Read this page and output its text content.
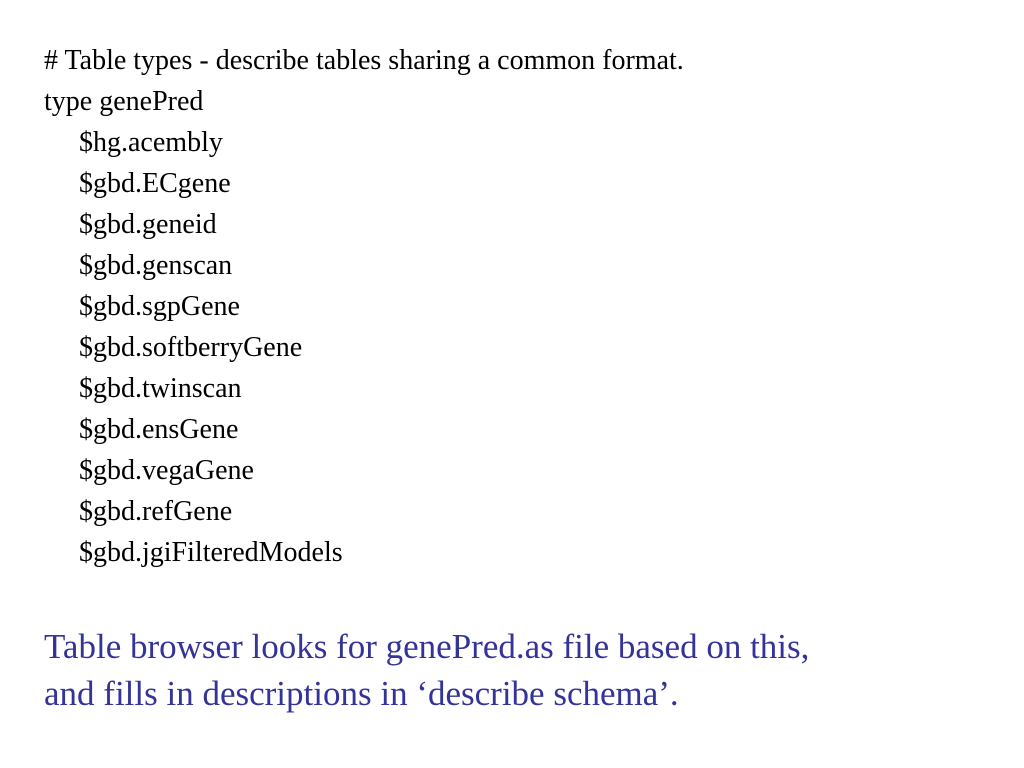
# Table types - describe tables sharing a common format.

type genePred

$hg.acembly

$gbd.ECgene

$gbd.geneid

$gbd.genscan

$gbd.sgpGene

$gbd.softberryGene

$gbd.twinscan

$gbd.ensGene

$gbd.vegaGene

$gbd.refGene

$gbd.jgiFilteredModels

Table browser looks for genePred.as file based on this,

and fills in descriptions in ‘describe schema’.
